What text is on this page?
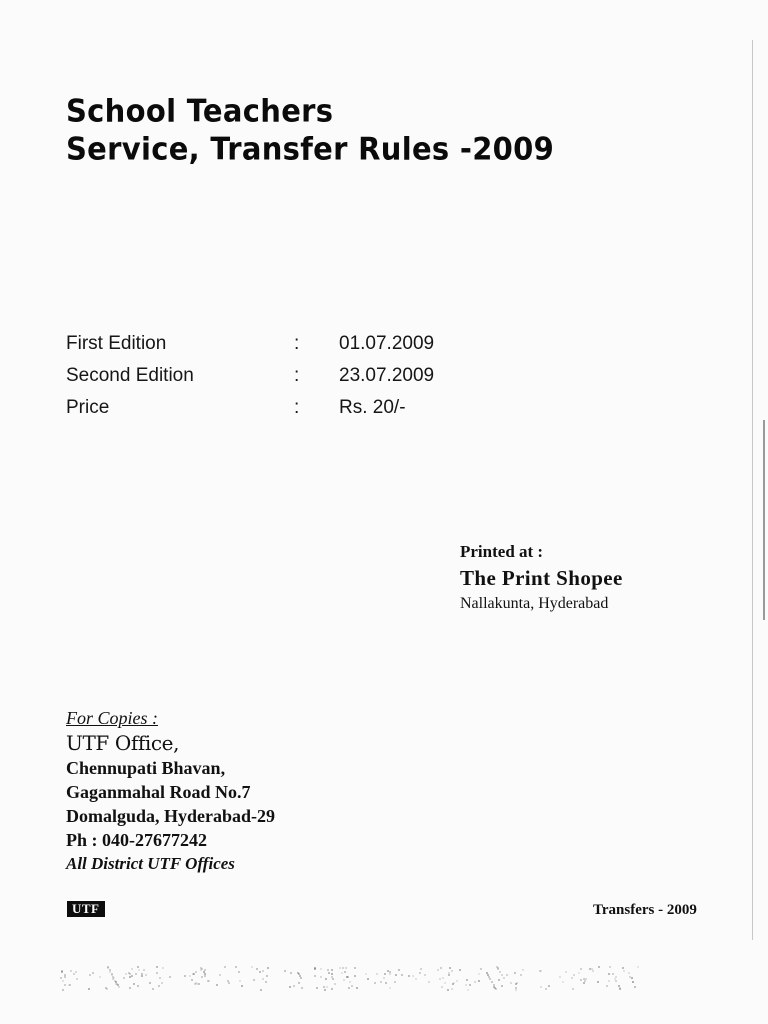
School Teachers
Service, Transfer Rules -2009
First Edition	: 01.07.2009
Second Edition	: 23.07.2009
Price	: Rs. 20/-
Printed at :
The Print Shopee
Nallakunta, Hyderabad
For Copies :
UTF Office,
Chennupati Bhavan,
Gaganmahal Road No.7
Domalguda, Hyderabad-29
Ph : 040-27677242
All District UTF Offices
UTF	Transfers - 2009
